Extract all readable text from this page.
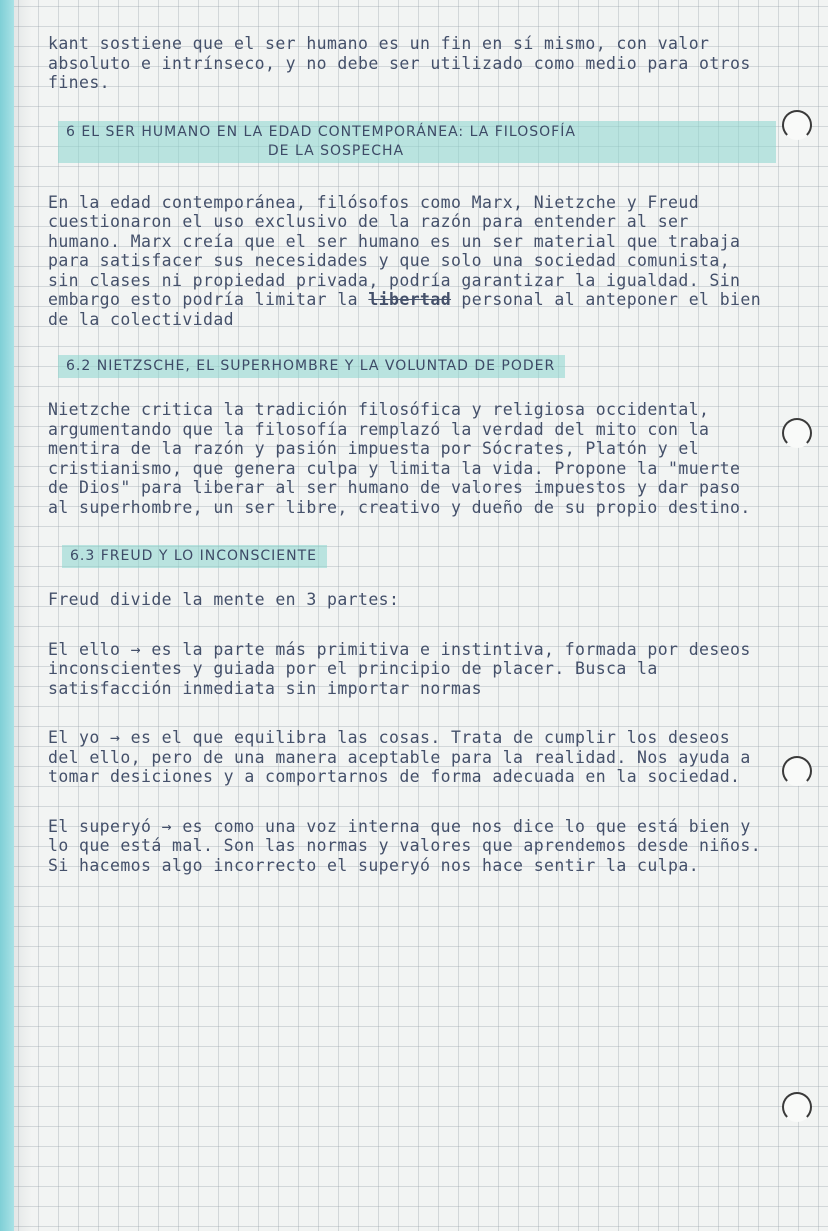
kant sostiene que el ser humano es un fin en sí mismo, con valor absoluto e intrínseco, y no debe ser utilizado como medio para otros fines.

6 EL SER HUMANO EN LA EDAD CONTEMPORÁNEA: LA FILOSOFÍA
DE LA SOSPECHA

En la edad contemporánea, filósofos como Marx, Nietzche y Freud cuestionaron el uso exclusivo de la razón para entender al ser humano. Marx creía que el ser humano es un ser material que trabaja para satisfacer sus necesidades y que solo una sociedad comunista, sin clases ni propiedad privada, podría garantizar la igualdad. Sin embargo esto podría limitar la libertad personal al anteponer el bien de la colectividad

6.2 NIETZSCHE, EL SUPERHOMBRE Y LA VOLUNTAD DE PODER

Nietzche critica la tradición filosófica y religiosa occidental, argumentando que la filosofía remplazó la verdad del mito con la mentira de la razón y pasión impuesta por Sócrates, Platón y el cristianismo, que genera culpa y limita la vida. Propone la "muerte de Dios" para liberar al ser humano de valores impuestos y dar paso al superhombre, un ser libre, creativo y dueño de su propio destino.

6.3 FREUD Y LO INCONSCIENTE

Freud divide la mente en 3 partes:

El ello → es la parte más primitiva e instintiva, formada por deseos inconscientes y guiada por el principio de placer. Busca la satisfacción inmediata sin importar normas

El yo → es el que equilibra las cosas. Trata de cumplir los deseos del ello, pero de una manera aceptable para la realidad. Nos ayuda a tomar desiciones y a comportarnos de forma adecuada en la sociedad.

El superyó → es como una voz interna que nos dice lo que está bien y lo que está mal. Son las normas y valores que aprendemos desde niños. Si hacemos algo incorrecto el superyó nos hace sentir la culpa.
